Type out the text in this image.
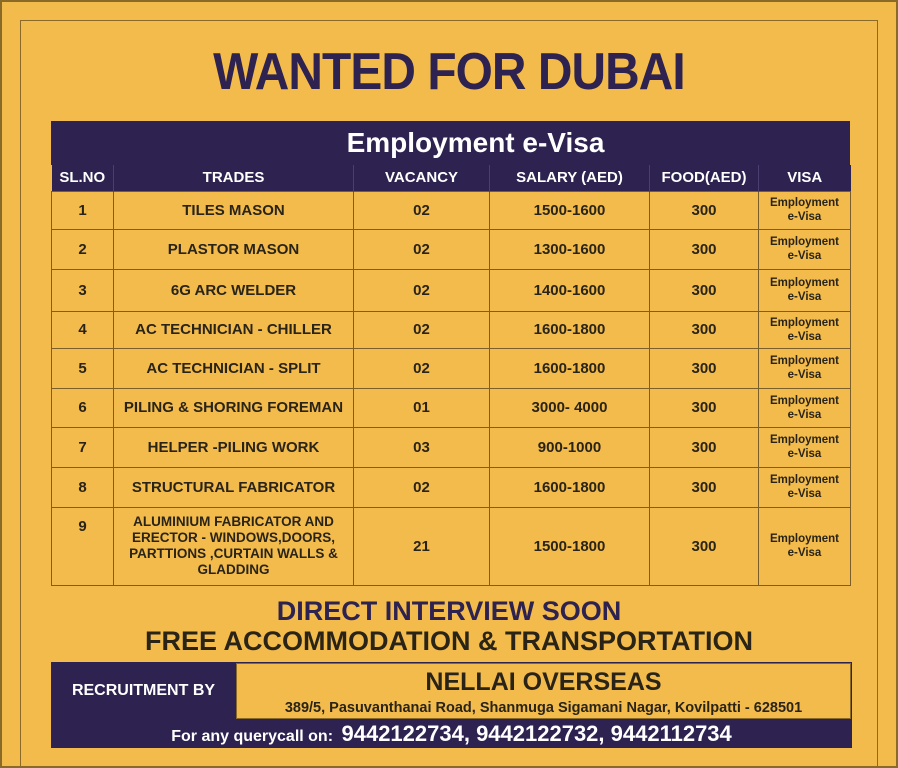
WANTED FOR DUBAI
Employment e-Visa
SL.NO	TRADES	VACANCY	SALARY (AED)	FOOD(AED)	VISA
1	TILES MASON	02	1500-1600	300	Employment
e-Visa

2	PLASTOR MASON	02	1300-1600	300	Employment
e-Visa

3	6G ARC WELDER	02	1400-1600	300	Employment
e-Visa

4	AC TECHNICIAN - CHILLER	02	1600-1800	300	Employment
e-Visa

5	AC TECHNICIAN - SPLIT	02	1600-1800	300	Employment
e-Visa

6	PILING & SHORING FOREMAN	01	3000- 4000	300	Employment
e-Visa

7	HELPER -PILING WORK	03	900-1000	300	Employment
e-Visa

8	STRUCTURAL FABRICATOR	02	1600-1800	300	Employment
e-Visa

9	ALUMINIUM FABRICATOR AND ERECTOR - WINDOWS,DOORS, PARTTIONS ,CURTAIN WALLS & GLADDING	21	1500-1800	300	Employment
e-Visa
DIRECT INTERVIEW SOON
FREE ACCOMMODATION & TRANSPORTATION
RECRUITMENT BY	NELLAI OVERSEAS
389/5, Pasuvanthanai Road, Shanmuga Sigamani Nagar, Kovilpatti - 628501
For any querycall on: 9442122734, 9442122732, 9442112734
